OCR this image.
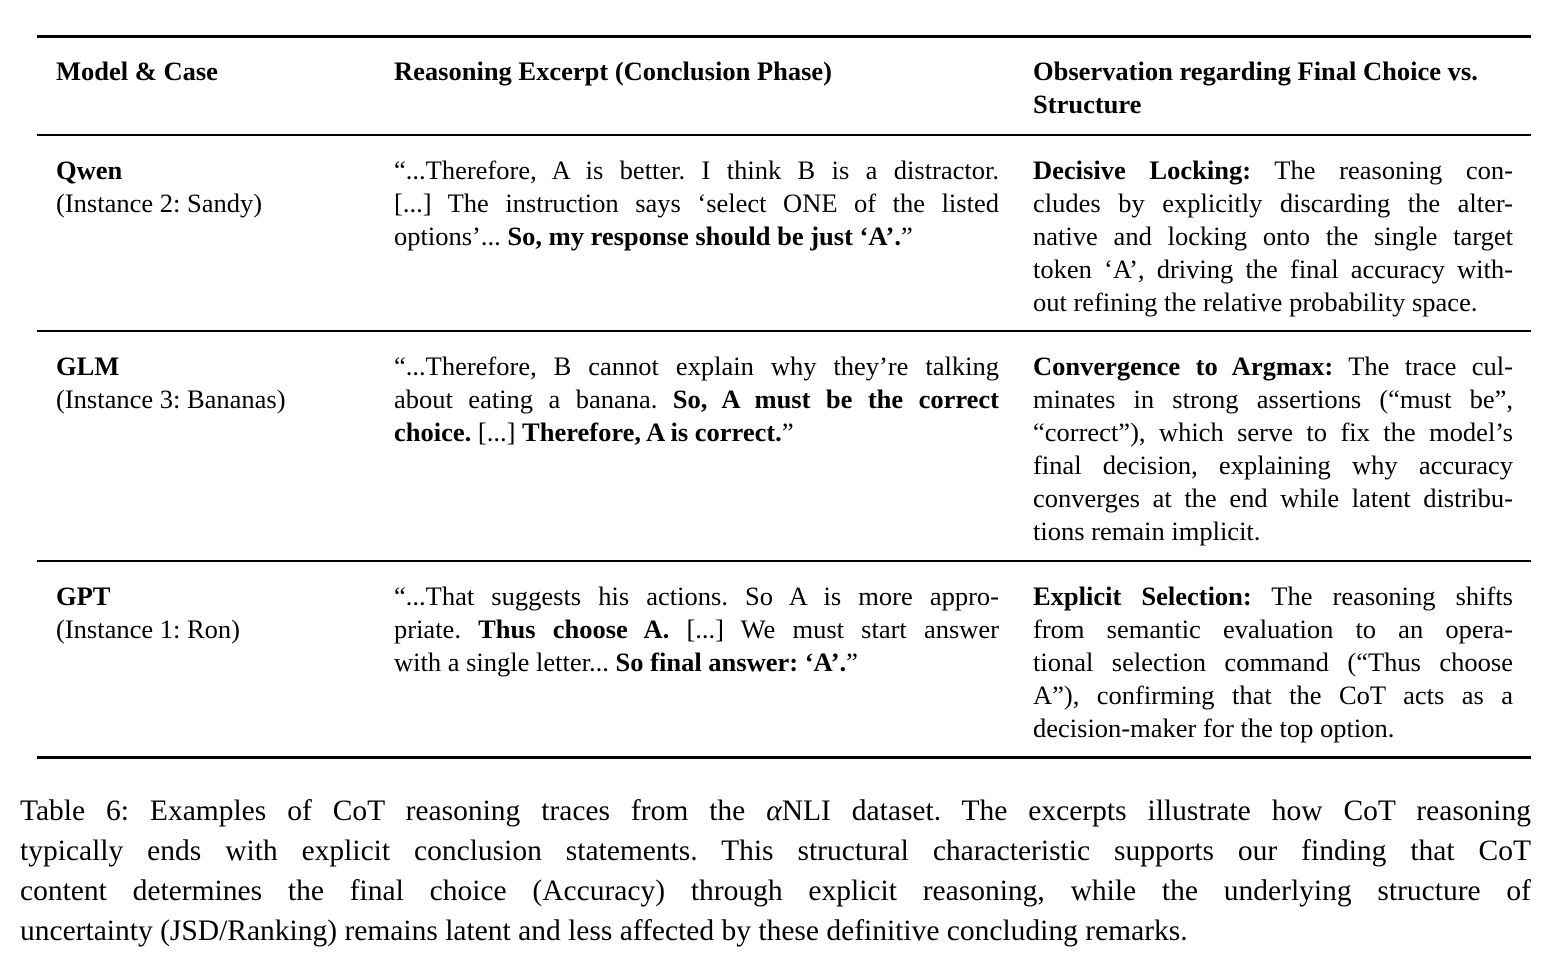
Model & Case	Reasoning Excerpt (Conclusion Phase)	Observation regarding Final Choice vs.
Structure
Qwen
(Instance 2: Sandy)
“...Therefore, A is better. I think B is a distractor.
[...] The instruction says ‘select ONE of the listed
options’... So, my response should be just ‘A’.”
Decisive Locking: The reasoning con-
cludes by explicitly discarding the alter-
native and locking onto the single target
token ‘A’, driving the final accuracy with-
out refining the relative probability space.
GLM
(Instance 3: Bananas)
“...Therefore, B cannot explain why they’re talking
about eating a banana. So, A must be the correct
choice. [...] Therefore, A is correct.”
Convergence to Argmax: The trace cul-
minates in strong assertions (“must be”,
“correct”), which serve to fix the model’s
final decision, explaining why accuracy
converges at the end while latent distribu-
tions remain implicit.
GPT
(Instance 1: Ron)
“...That suggests his actions. So A is more appro-
priate. Thus choose A. [...] We must start answer
with a single letter... So final answer: ‘A’.”
Explicit Selection: The reasoning shifts
from semantic evaluation to an opera-
tional selection command (“Thus choose
A”), confirming that the CoT acts as a
decision-maker for the top option.
Table 6: Examples of CoT reasoning traces from the αNLI dataset. The excerpts illustrate how CoT reasoning
typically ends with explicit conclusion statements. This structural characteristic supports our finding that CoT
content determines the final choice (Accuracy) through explicit reasoning, while the underlying structure of
uncertainty (JSD/Ranking) remains latent and less affected by these definitive concluding remarks.
